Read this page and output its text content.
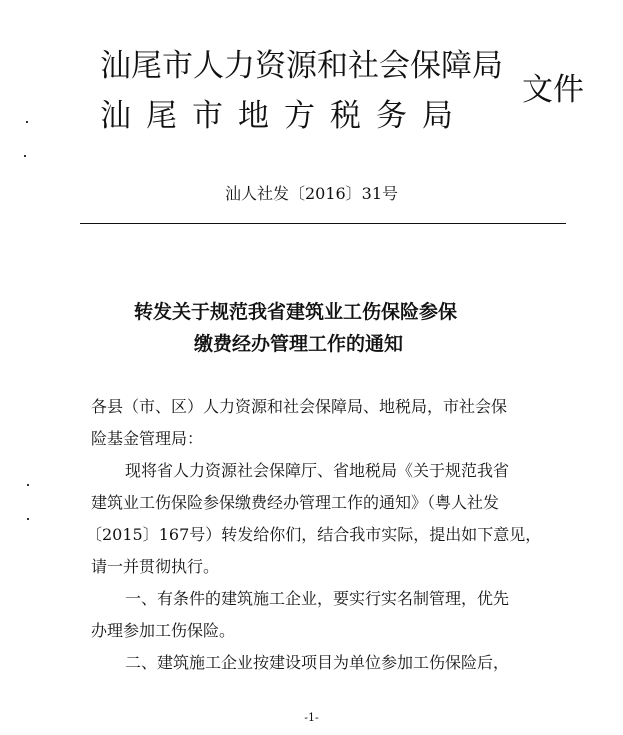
汕尾市人力资源和社会保障局
汕尾市地方税务局
文件
汕人社发〔2016〕31号
转发关于规范我省建筑业工伤保险参保
缴费经办管理工作的通知
各县（市、区）人力资源和社会保障局、地税局，市社会保
险基金管理局：
现将省人力资源社会保障厅、省地税局《关于规范我省
建筑业工伤保险参保缴费经办管理工作的通知》（粤人社发
〔2015〕167号）转发给你们，结合我市实际，提出如下意见，
请一并贯彻执行。
一、有条件的建筑施工企业，要实行实名制管理，优先
办理参加工伤保险。
二、建筑施工企业按建设项目为单位参加工伤保险后，
-1-
